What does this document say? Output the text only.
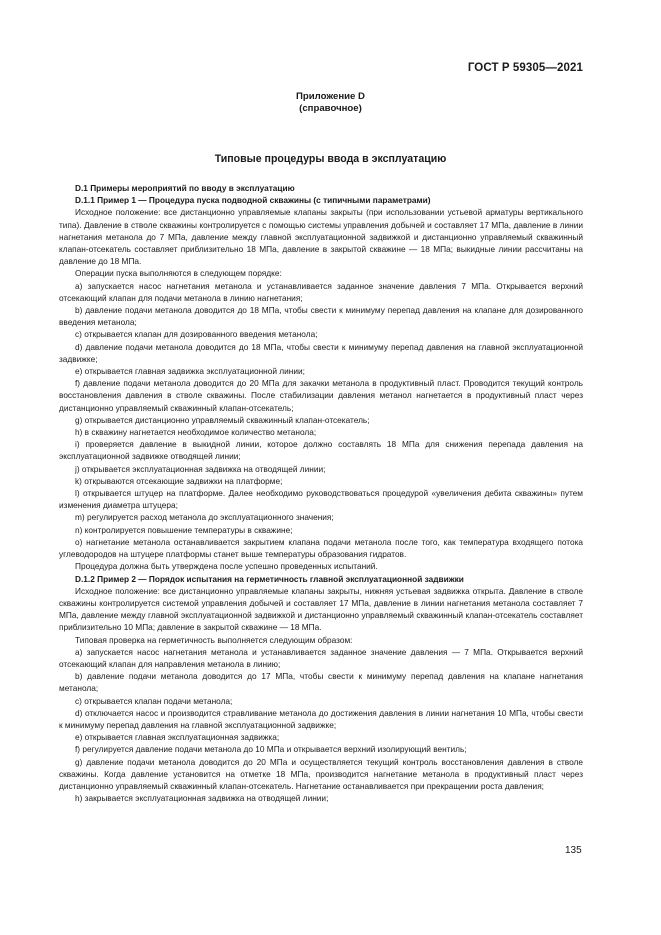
ГОСТ Р 59305—2021
Приложение D
(справочное)
Типовые процедуры ввода в эксплуатацию

D.1 Примеры мероприятий по вводу в эксплуатацию

D.1.1 Пример 1 — Процедура пуска подводной скважины (с типичными параметрами)

Исходное положение: все дистанционно управляемые клапаны закрыты (при использовании устьевой арматуры вертикального типа). Давление в стволе скважины контролируется с помощью системы управления добычей и составляет 17 МПа, давление в линии нагнетания метанола до 7 МПа, давление между главной эксплуатационной задвижкой и дистанционно управляемый скважинный клапан-отсекатель составляет приблизительно 18 МПа, давление в закрытой скважине — 18 МПа; выкидные линии рассчитаны на давление до 18 МПа.

Операции пуска выполняются в следующем порядке:

a) запускается насос нагнетания метанола и устанавливается заданное значение давления 7 МПа. Открывается верхний отсекающий клапан для подачи метанола в линию нагнетания;

b) давление подачи метанола доводится до 18 МПа, чтобы свести к минимуму перепад давления на клапане для дозированного введения метанола;

c) открывается клапан для дозированного введения метанола;

d) давление подачи метанола доводится до 18 МПа, чтобы свести к минимуму перепад давления на главной эксплуатационной задвижке;

e) открывается главная задвижка эксплуатационной линии;

f) давление подачи метанола доводится до 20 МПа для закачки метанола в продуктивный пласт. Проводится текущий контроль восстановления давления в стволе скважины. После стабилизации давления метанол нагнетается в продуктивный пласт через дистанционно управляемый скважинный клапан-отсекатель;

g) открывается дистанционно управляемый скважинный клапан-отсекатель;

h) в скважину нагнетается необходимое количество метанола;

i) проверяется давление в выкидной линии, которое должно составлять 18 МПа для снижения перепада давления на эксплуатационной задвижке отводящей линии;

j) открывается эксплуатационная задвижка на отводящей линии;

k) открываются отсекающие задвижки на платформе;

l) открывается штуцер на платформе. Далее необходимо руководствоваться процедурой «увеличения дебита скважины» путем изменения диаметра штуцера;

m) регулируется расход метанола до эксплуатационного значения;

n) контролируется повышение температуры в скважине;

o) нагнетание метанола останавливается закрытием клапана подачи метанола после того, как температура входящего потока углеводородов на штуцере платформы станет выше температуры образования гидратов.

Процедура должна быть утверждена после успешно проведенных испытаний.

D.1.2 Пример 2 — Порядок испытания на герметичность главной эксплуатационной задвижки

Исходное положение: все дистанционно управляемые клапаны закрыты, нижняя устьевая задвижка открыта. Давление в стволе скважины контролируется системой управления добычей и составляет 17 МПа, давление в линии нагнетания метанола составляет 7 МПа, давление между главной эксплуатационной задвижкой и дистанционно управляемый скважинный клапан-отсекатель составляет приблизительно 10 МПа; давление в закрытой скважине — 18 МПа.

Типовая проверка на герметичность выполняется следующим образом:

a) запускается насос нагнетания метанола и устанавливается заданное значение давления — 7 МПа. Открывается верхний отсекающий клапан для направления метанола в линию;

b) давление подачи метанола доводится до 17 МПа, чтобы свести к минимуму перепад давления на клапане нагнетания метанола;

c) открывается клапан подачи метанола;

d) отключается насос и производится стравливание метанола до достижения давления в линии нагнетания 10 МПа, чтобы свести к минимуму перепад давления на главной эксплуатационной задвижке;

e) открывается главная эксплуатационная задвижка;

f) регулируется давление подачи метанола до 10 МПа и открывается верхний изолирующий вентиль;

g) давление подачи метанола доводится до 20 МПа и осуществляется текущий контроль восстановления давления в стволе скважины. Когда давление установится на отметке 18 МПа, производится нагнетание метанола в продуктивный пласт через дистанционно управляемый скважинный клапан-отсекатель. Нагнетание останавливается при прекращении роста давления;

h) закрывается эксплуатационная задвижка на отводящей линии;

135
